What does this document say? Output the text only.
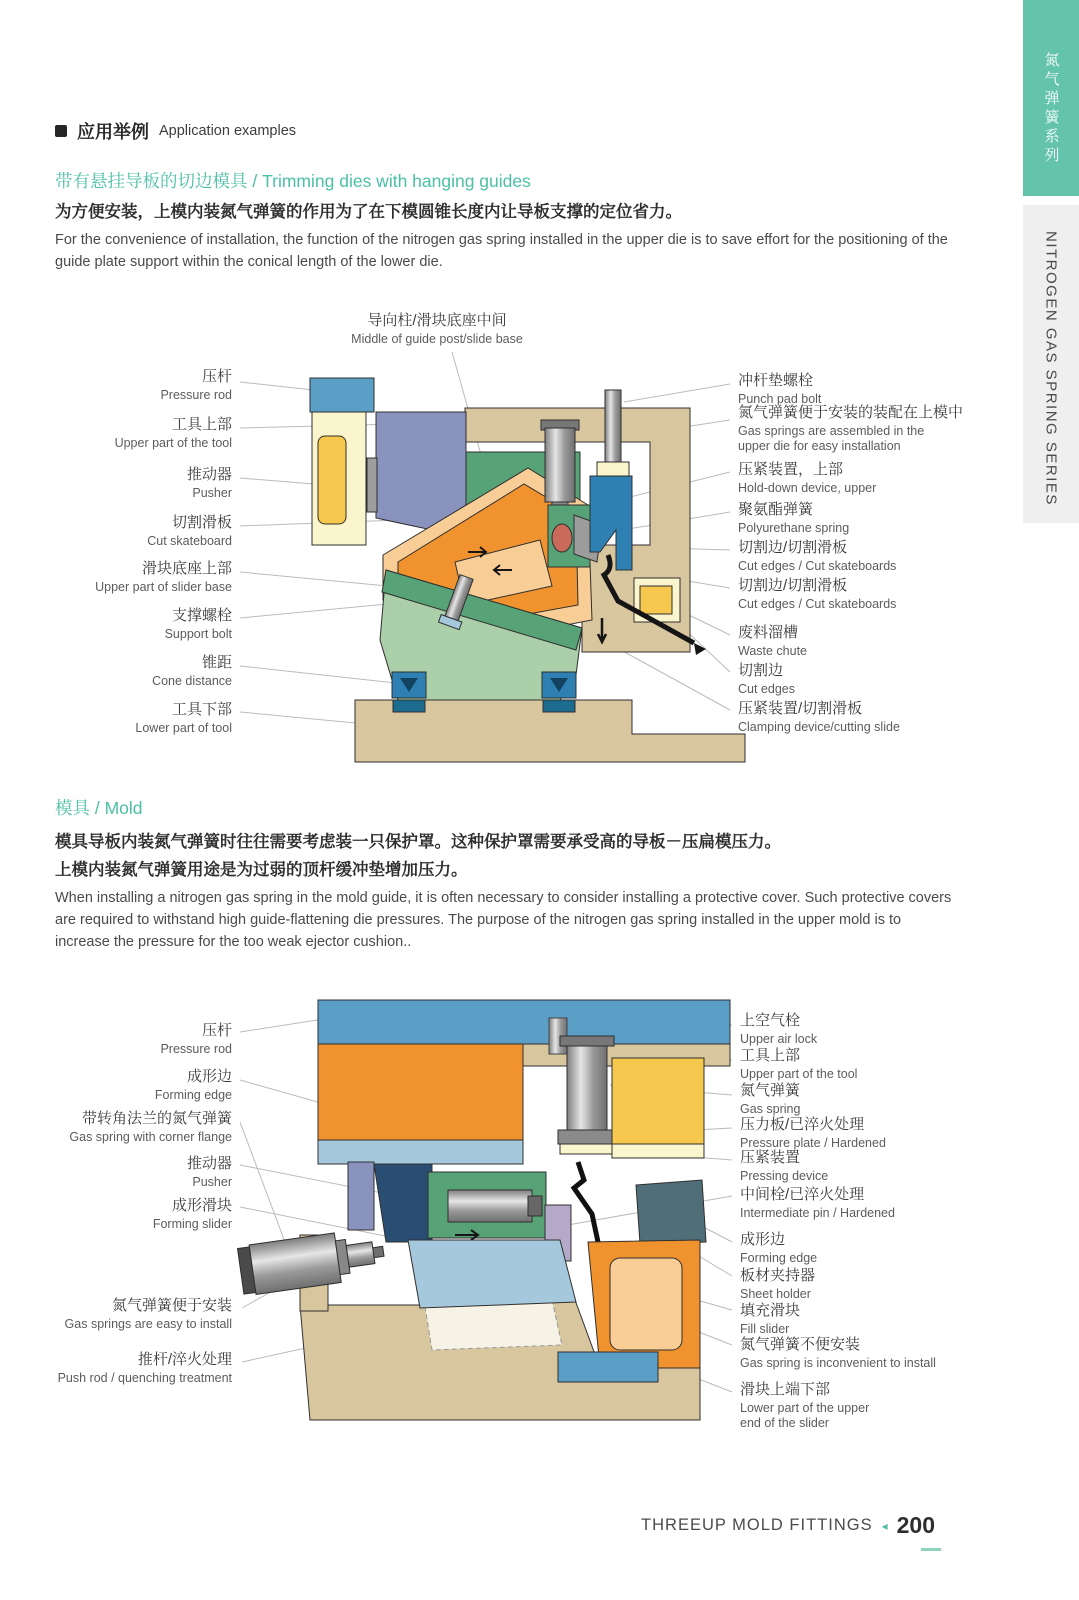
应用举例 Application examples
带有悬挂导板的切边模具 / Trimming dies with hanging guides
为方便安装，上模内装氮气弹簧的作用为了在下模圆锥长度内让导板支撑的定位省力。
For the convenience of installation, the function of the nitrogen gas spring installed in the upper die is to save effort for the positioning of the guide plate support within the conical length of the lower die.
导向柱/滑块底座中间
Middle of guide post/slide base
压杆
Pressure rod
工具上部
Upper part of the tool
推动器
Pusher
切割滑板
Cut skateboard
滑块底座上部
Upper part of slider base
支撑螺栓
Support bolt
锥距
Cone distance
工具下部
Lower part of tool
冲杆垫螺栓
Punch pad bolt
氮气弹簧便于安装的装配在上模中
Gas springs are assembled in the upper die for easy installation
压紧装置，上部
Hold-down device, upper
聚氨酯弹簧
Polyurethane spring
切割边/切割滑板
Cut edges / Cut skateboards
切割边/切割滑板
Cut edges / Cut skateboards
废料溜槽
Waste chute
切割边
Cut edges
压紧装置/切割滑板
Clamping device/cutting slide
模具 / Mold
模具导板内装氮气弹簧时往往需要考虑装一只保护罩。这种保护罩需要承受高的导板－压扁模压力。
上模内装氮气弹簧用途是为过弱的顶杆缓冲垫增加压力。
When installing a nitrogen gas spring in the mold guide, it is often necessary to consider installing a protective cover. Such protective covers are required to withstand high guide-flattening die pressures. The purpose of the nitrogen gas spring installed in the upper mold is to increase the pressure for the too weak ejector cushion..
压杆
Pressure rod
成形边
Forming edge
带转角法兰的氮气弹簧
Gas spring with corner flange
推动器
Pusher
成形滑块
Forming slider
氮气弹簧便于安装
Gas springs are easy to install
推杆/淬火处理
Push rod / quenching treatment
上空气栓
Upper air lock
工具上部
Upper part of the tool
氮气弹簧
Gas spring
压力板/已淬火处理
Pressure plate / Hardened
压紧装置
Pressing device
中间栓/已淬火处理
Intermediate pin / Hardened
成形边
Forming edge
板材夹持器
Sheet holder
填充滑块
Fill slider
氮气弹簧不便安装
Gas spring is inconvenient to install
滑块上端下部
Lower part of the upper end of the slider
氮气弹簧系列
NITROGEN GAS SPRING SERIES
THREEUP MOLD FITTINGS ◂ 200
